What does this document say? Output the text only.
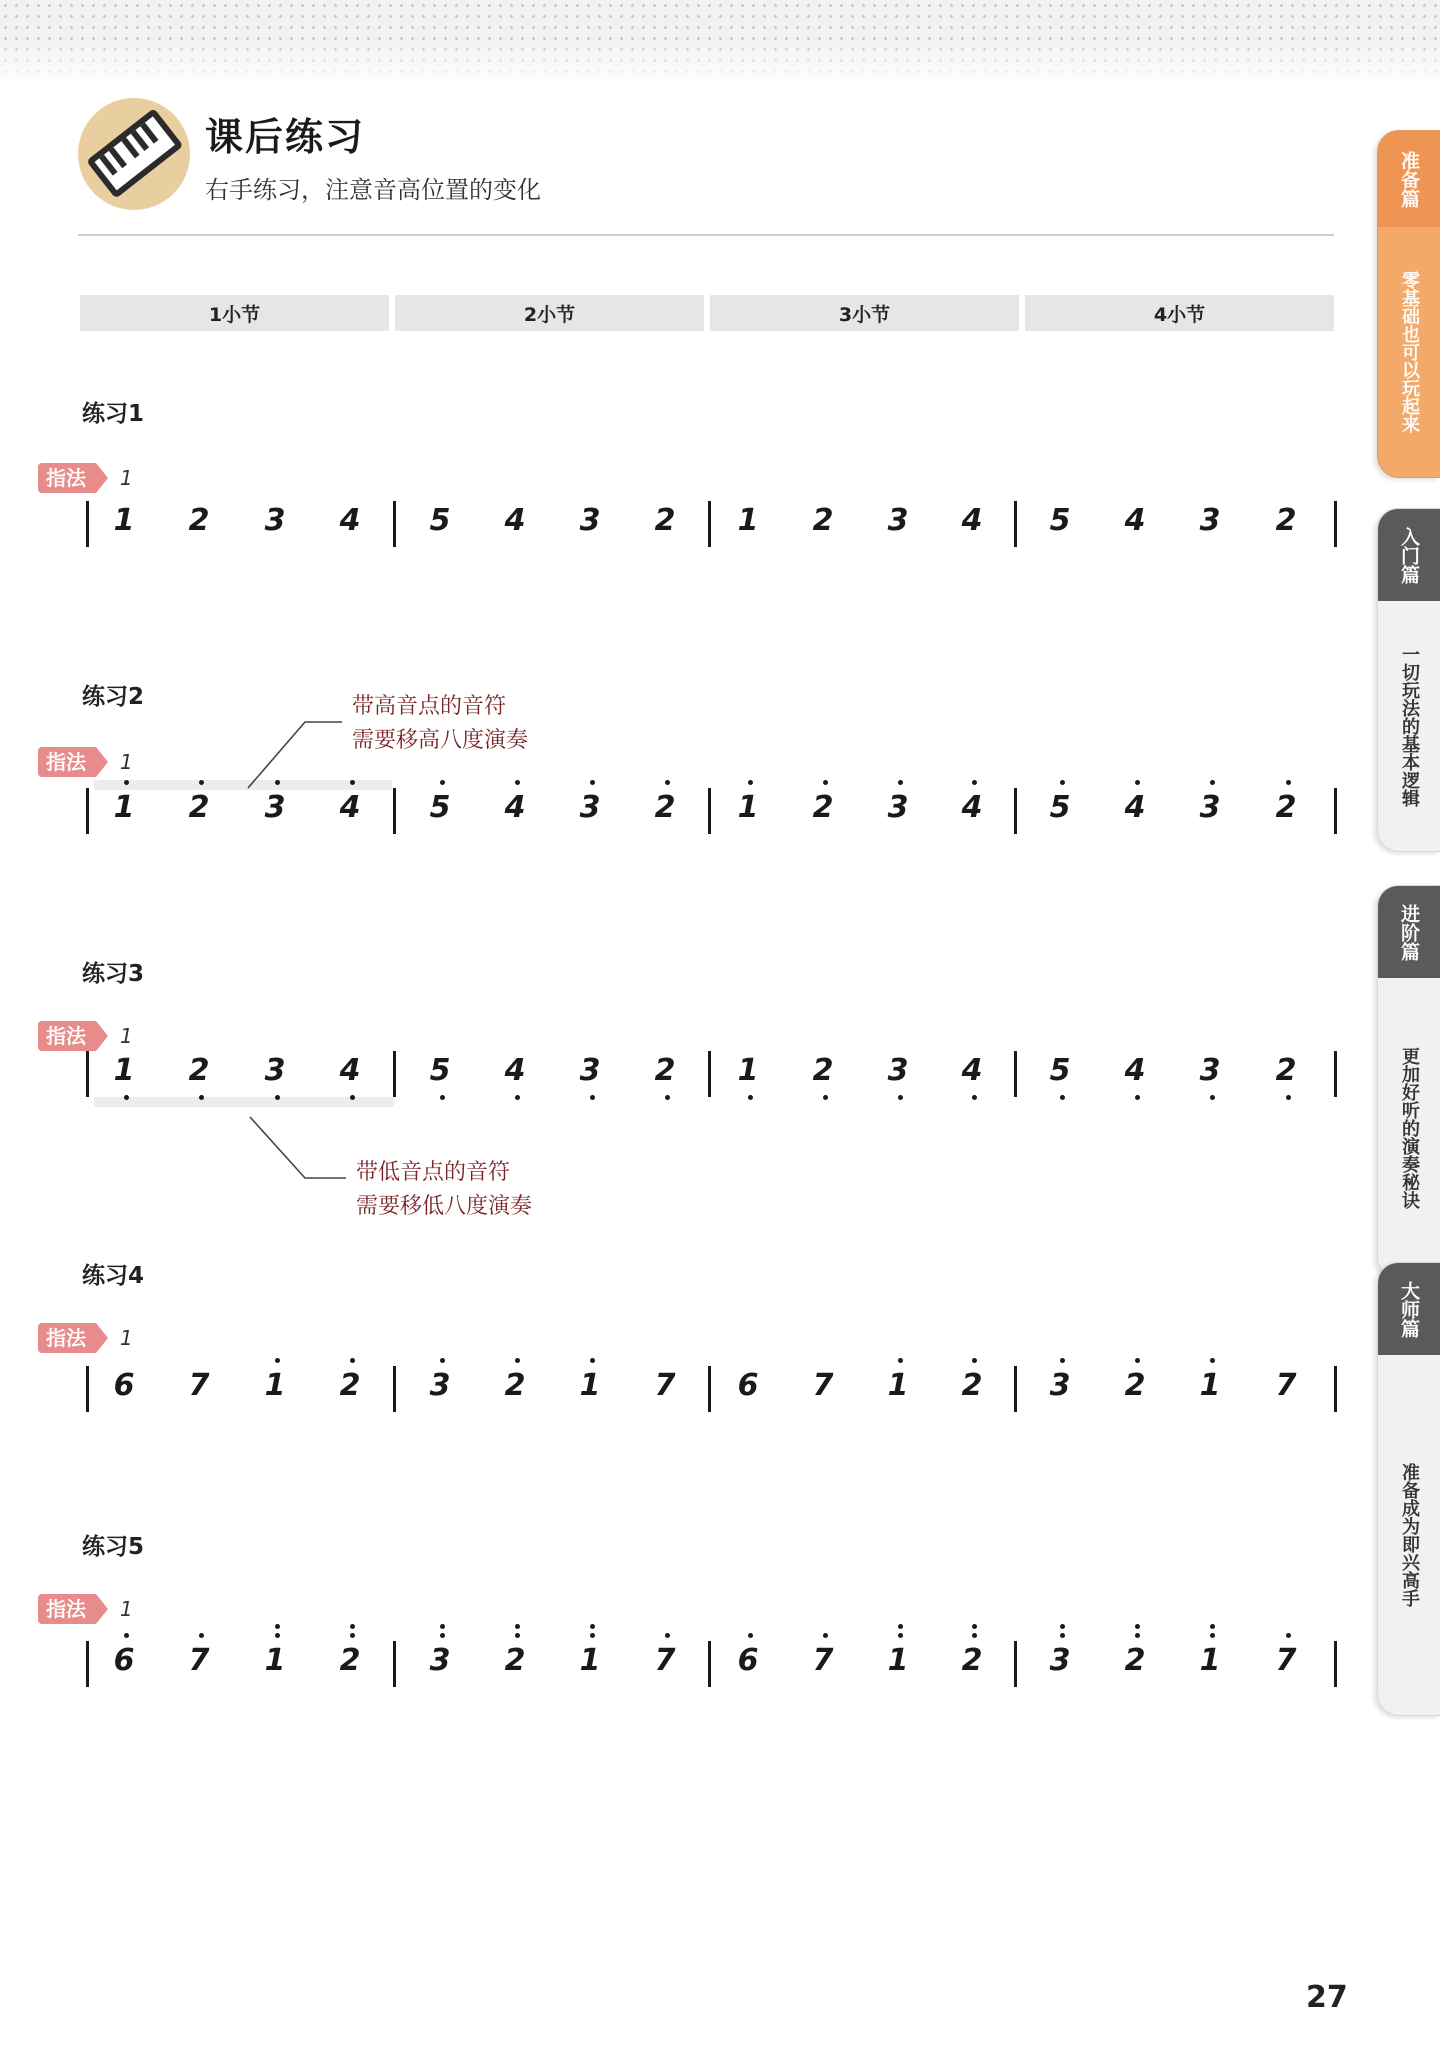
课后练习
右手练习，注意音高位置的变化
1小节	2小节	3小节	4小节
练习1
指法	1
1	2	3	4	5	4	3	2	1	2	3	4	5	4	3	2
练习2
指法	1
1	2	3	4	5	4	3	2	1	2	3	4	5	4	3	2
带高音点的音符
需要移高八度演奏
练习3
指法	1
1	2	3	4	5	4	3	2	1	2	3	4	5	4	3	2
带低音点的音符
需要移低八度演奏
练习4
指法	1
6	7	1	2	3	2	1	7	6	7	1	2	3	2	1	7
练习5
指法	1
6	7	1	2	3	2	1	7	6	7	1	2	3	2	1	7
准备篇
零基础也可以玩起来
入门篇
一切玩法的基本逻辑
进阶篇
更加好听的演奏秘诀
大师篇
准备成为即兴高手
27
